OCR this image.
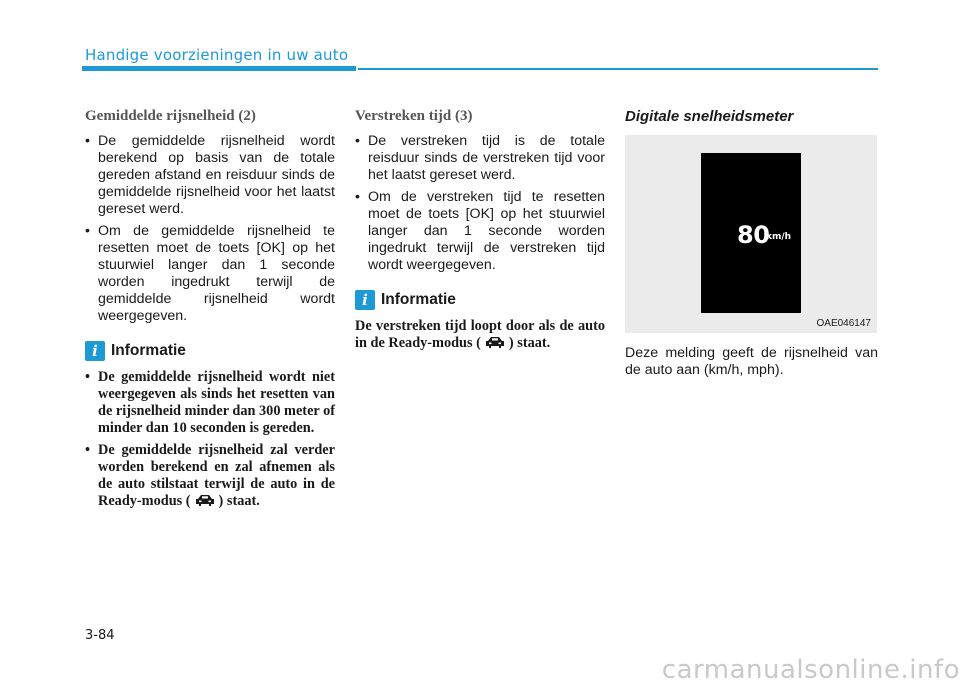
Handige voorzieningen in uw auto
Gemiddelde rijsnelheid (2)
• De gemiddelde rijsnelheid wordt berekend op basis van de totale gereden afstand en reisduur sinds de gemiddelde rijsnelheid voor het laatst gereset werd.
• Om de gemiddelde rijsnelheid te resetten moet de toets [OK] op het stuurwiel langer dan 1 seconde worden ingedrukt terwijl de gemiddelde rijsnelheid wordt weergegeven.
i Informatie
• De gemiddelde rijsnelheid wordt niet weergegeven als sinds het resetten van de rijsnelheid minder dan 300 meter of minder dan 10 seconden is gereden.
• De gemiddelde rijsnelheid zal verder worden berekend en zal afnemen als de auto stilstaat terwijl de auto in de Ready-modus ( ) staat.
Verstreken tijd (3)
• De verstreken tijd is de totale reisduur sinds de verstreken tijd voor het laatst gereset werd.
• Om de verstreken tijd te resetten moet de toets [OK] op het stuurwiel langer dan 1 seconde worden ingedrukt terwijl de verstreken tijd wordt weergegeven.
i Informatie

De verstreken tijd loopt door als de auto in de Ready-modus ( ) staat.

Digitale snelheidsmeter
80
km/h
OAE046147

Deze melding geeft de rijsnelheid van de auto aan (km/h, mph).

3-84
carmanualsonline.info
